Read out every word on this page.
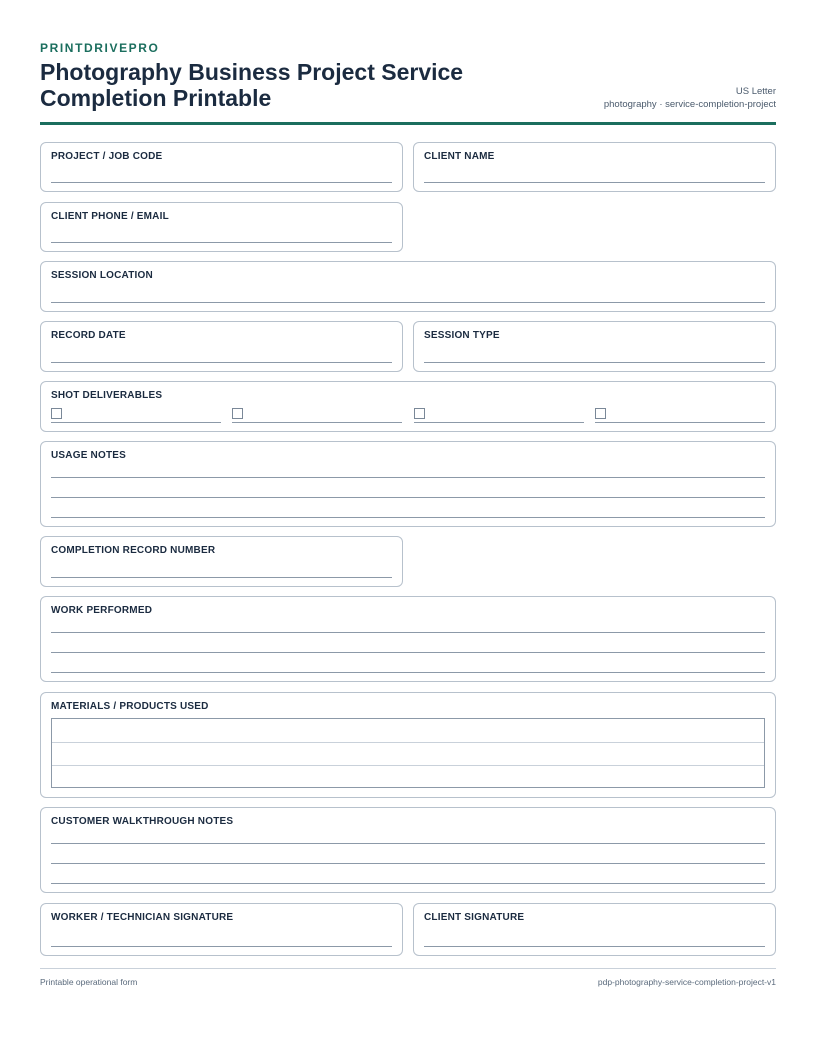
PRINTDRIVEPRO
Photography Business Project Service Completion Printable	US Letter
photography · service-completion-project
PROJECT / JOB CODE	CLIENT NAME
CLIENT PHONE / EMAIL
SESSION LOCATION
RECORD DATE	SESSION TYPE
SHOT DELIVERABLES
USAGE NOTES
COMPLETION RECORD NUMBER
WORK PERFORMED
MATERIALS / PRODUCTS USED
CUSTOMER WALKTHROUGH NOTES
WORKER / TECHNICIAN SIGNATURE	CLIENT SIGNATURE
Printable operational form	pdp-photography-service-completion-project-v1
